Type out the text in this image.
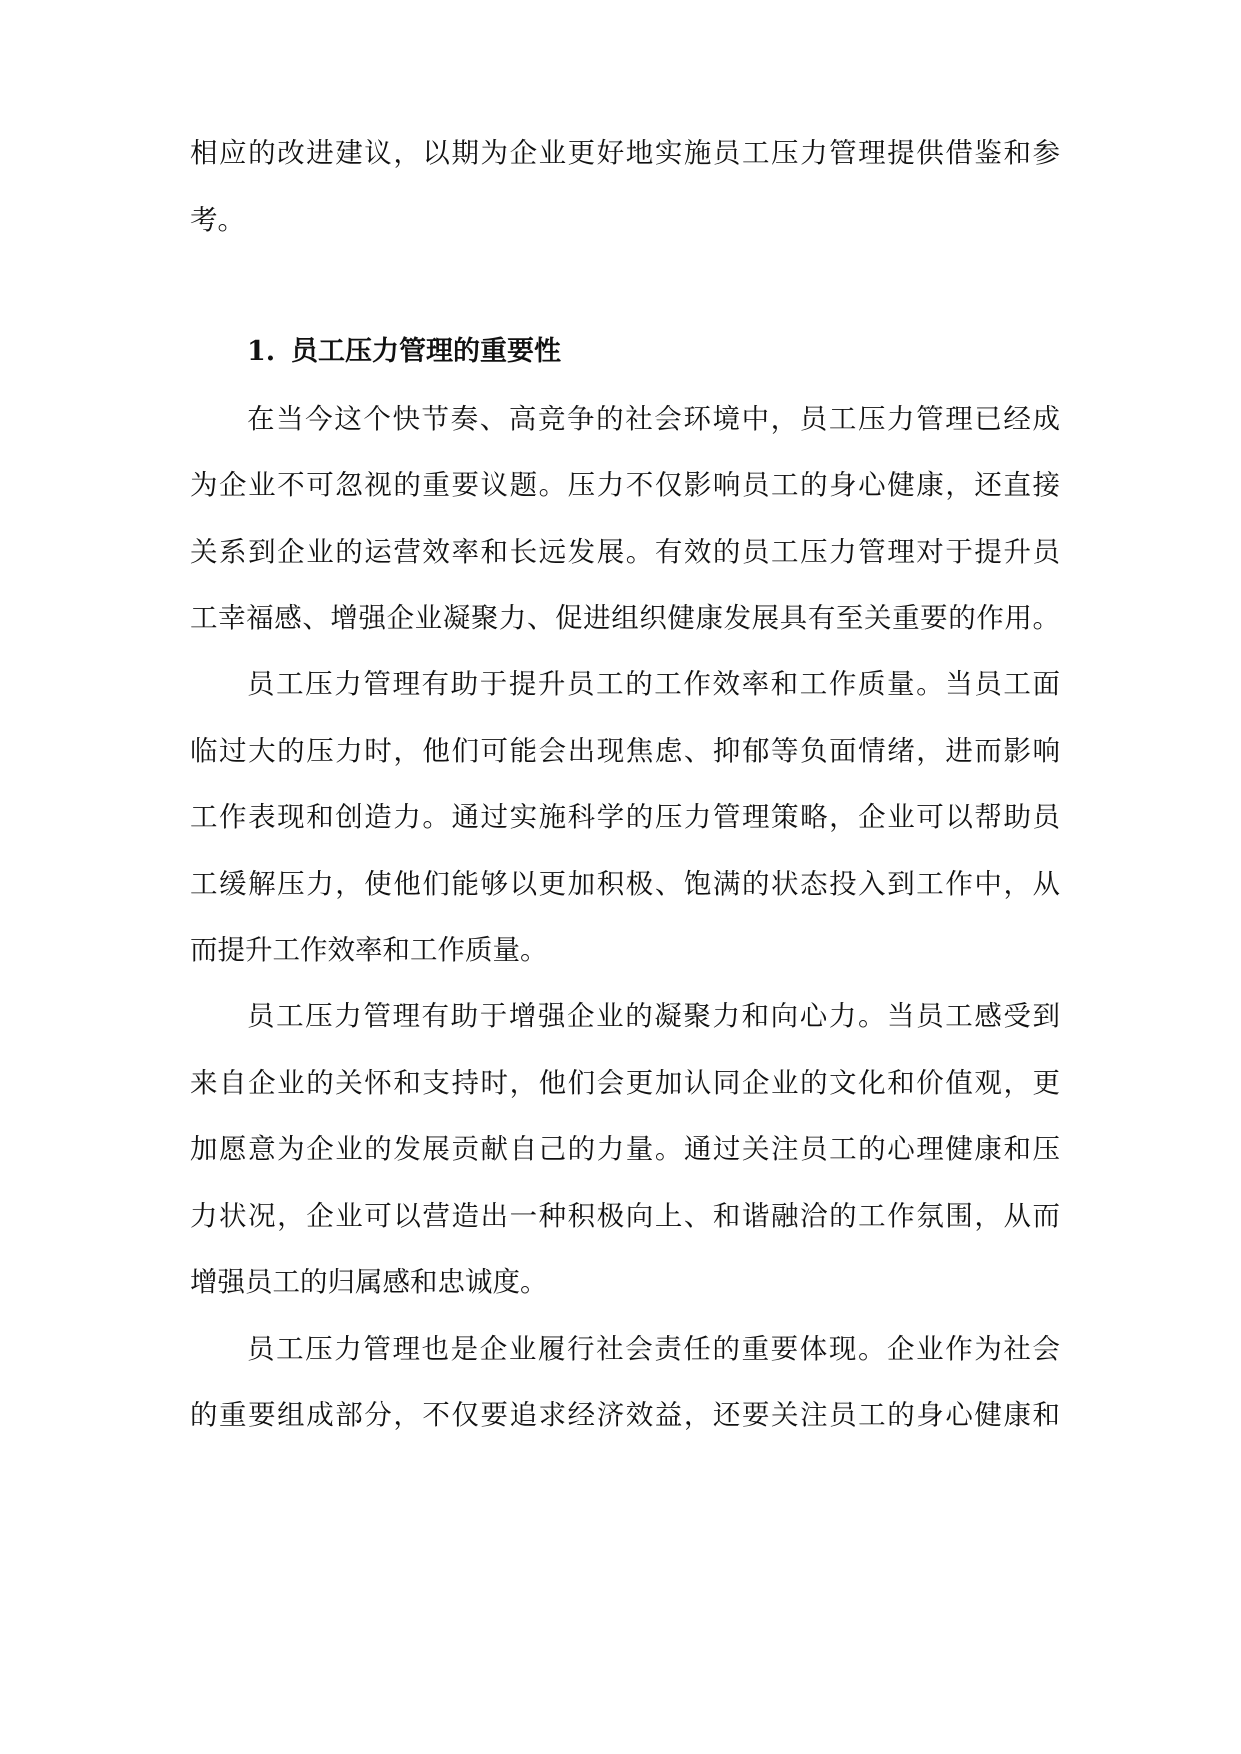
相应的改进建议，以期为企业更好地实施员工压力管理提供借鉴和参

考。

1. 员工压力管理的重要性

在当今这个快节奏、高竞争的社会环境中，员工压力管理已经成

为企业不可忽视的重要议题。压力不仅影响员工的身心健康，还直接

关系到企业的运营效率和长远发展。有效的员工压力管理对于提升员

工幸福感、增强企业凝聚力、促进组织健康发展具有至关重要的作用。

员工压力管理有助于提升员工的工作效率和工作质量。当员工面

临过大的压力时，他们可能会出现焦虑、抑郁等负面情绪，进而影响

工作表现和创造力。通过实施科学的压力管理策略，企业可以帮助员

工缓解压力，使他们能够以更加积极、饱满的状态投入到工作中，从

而提升工作效率和工作质量。

员工压力管理有助于增强企业的凝聚力和向心力。当员工感受到

来自企业的关怀和支持时，他们会更加认同企业的文化和价值观，更

加愿意为企业的发展贡献自己的力量。通过关注员工的心理健康和压

力状况，企业可以营造出一种积极向上、和谐融洽的工作氛围，从而

增强员工的归属感和忠诚度。

员工压力管理也是企业履行社会责任的重要体现。企业作为社会

的重要组成部分，不仅要追求经济效益，还要关注员工的身心健康和
